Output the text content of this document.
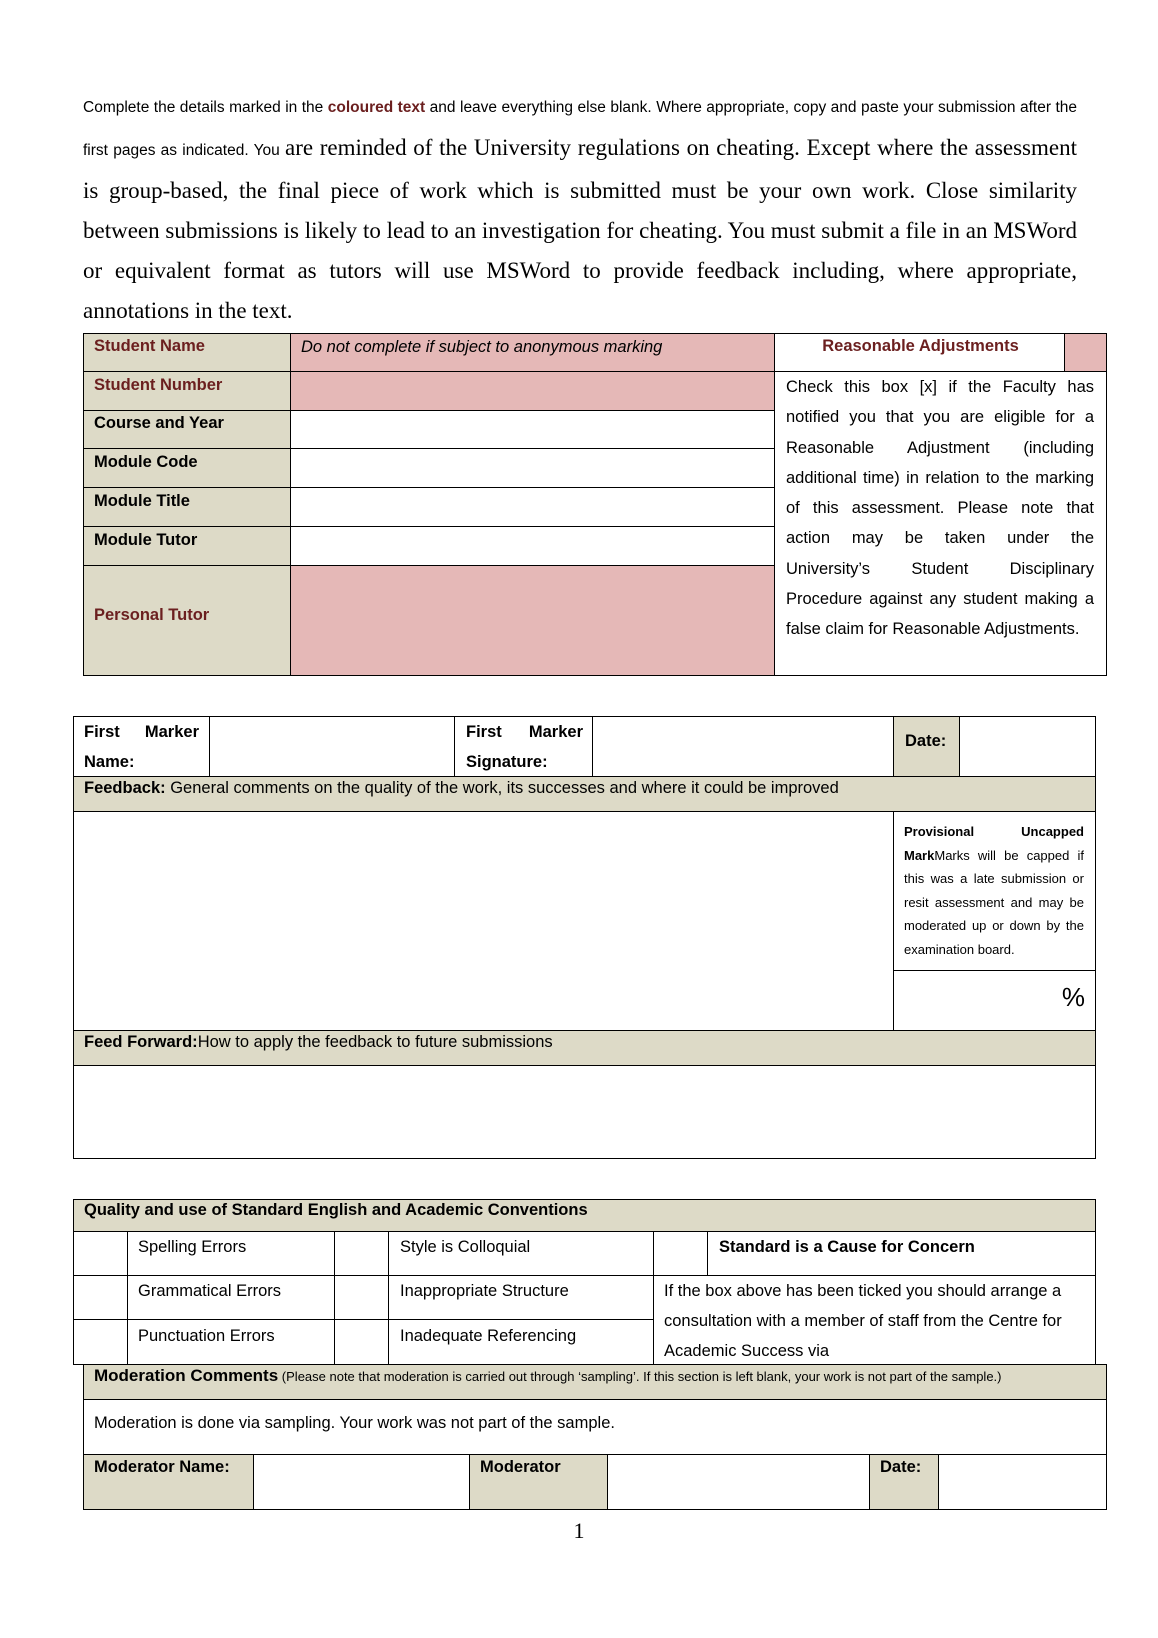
Complete the details marked in the coloured text and leave everything else blank. Where appropriate, copy and paste your submission after the first pages as indicated. You are reminded of the University regulations on cheating. Except where the assessment is group-based, the final piece of work which is submitted must be your own work. Close similarity between submissions is likely to lead to an investigation for cheating. You must submit a file in an MSWord or equivalent format as tutors will use MSWord to provide feedback including, where appropriate, annotations in the text.
Student Name	Do not complete if subject to anonymous marking	Reasonable Adjustments
Student Number
Course and Year
Module Code
Module Title
Module Tutor
Personal Tutor
Check this box [x] if the Faculty has notified you that you are eligible for a Reasonable Adjustment (including additional time) in relation to the marking of this assessment. Please note that action may be taken under the University’s Student Disciplinary Procedure against any student making a false claim for Reasonable Adjustments.
First Marker Name:
First Marker Signature:
Date:
Feedback: General comments on the quality of the work, its successes and where it could be improved
Provisional Uncapped MarkMarks will be capped if this was a late submission or resit assessment and may be moderated up or down by the examination board.
%
Feed Forward:How to apply the feedback to future submissions
Quality and use of Standard English and Academic Conventions
Spelling Errors	Style is Colloquial	Standard is a Cause for Concern
Grammatical Errors	Inappropriate Structure
Punctuation Errors	Inadequate Referencing
If the box above has been ticked you should arrange a consultation with a member of staff from the Centre for Academic Success via
Moderation Comments (Please note that moderation is carried out through ‘sampling’. If this section is left blank, your work is not part of the sample.)
Moderation is done via sampling. Your work was not part of the sample.
Moderator Name:	Moderator	Date:
1
